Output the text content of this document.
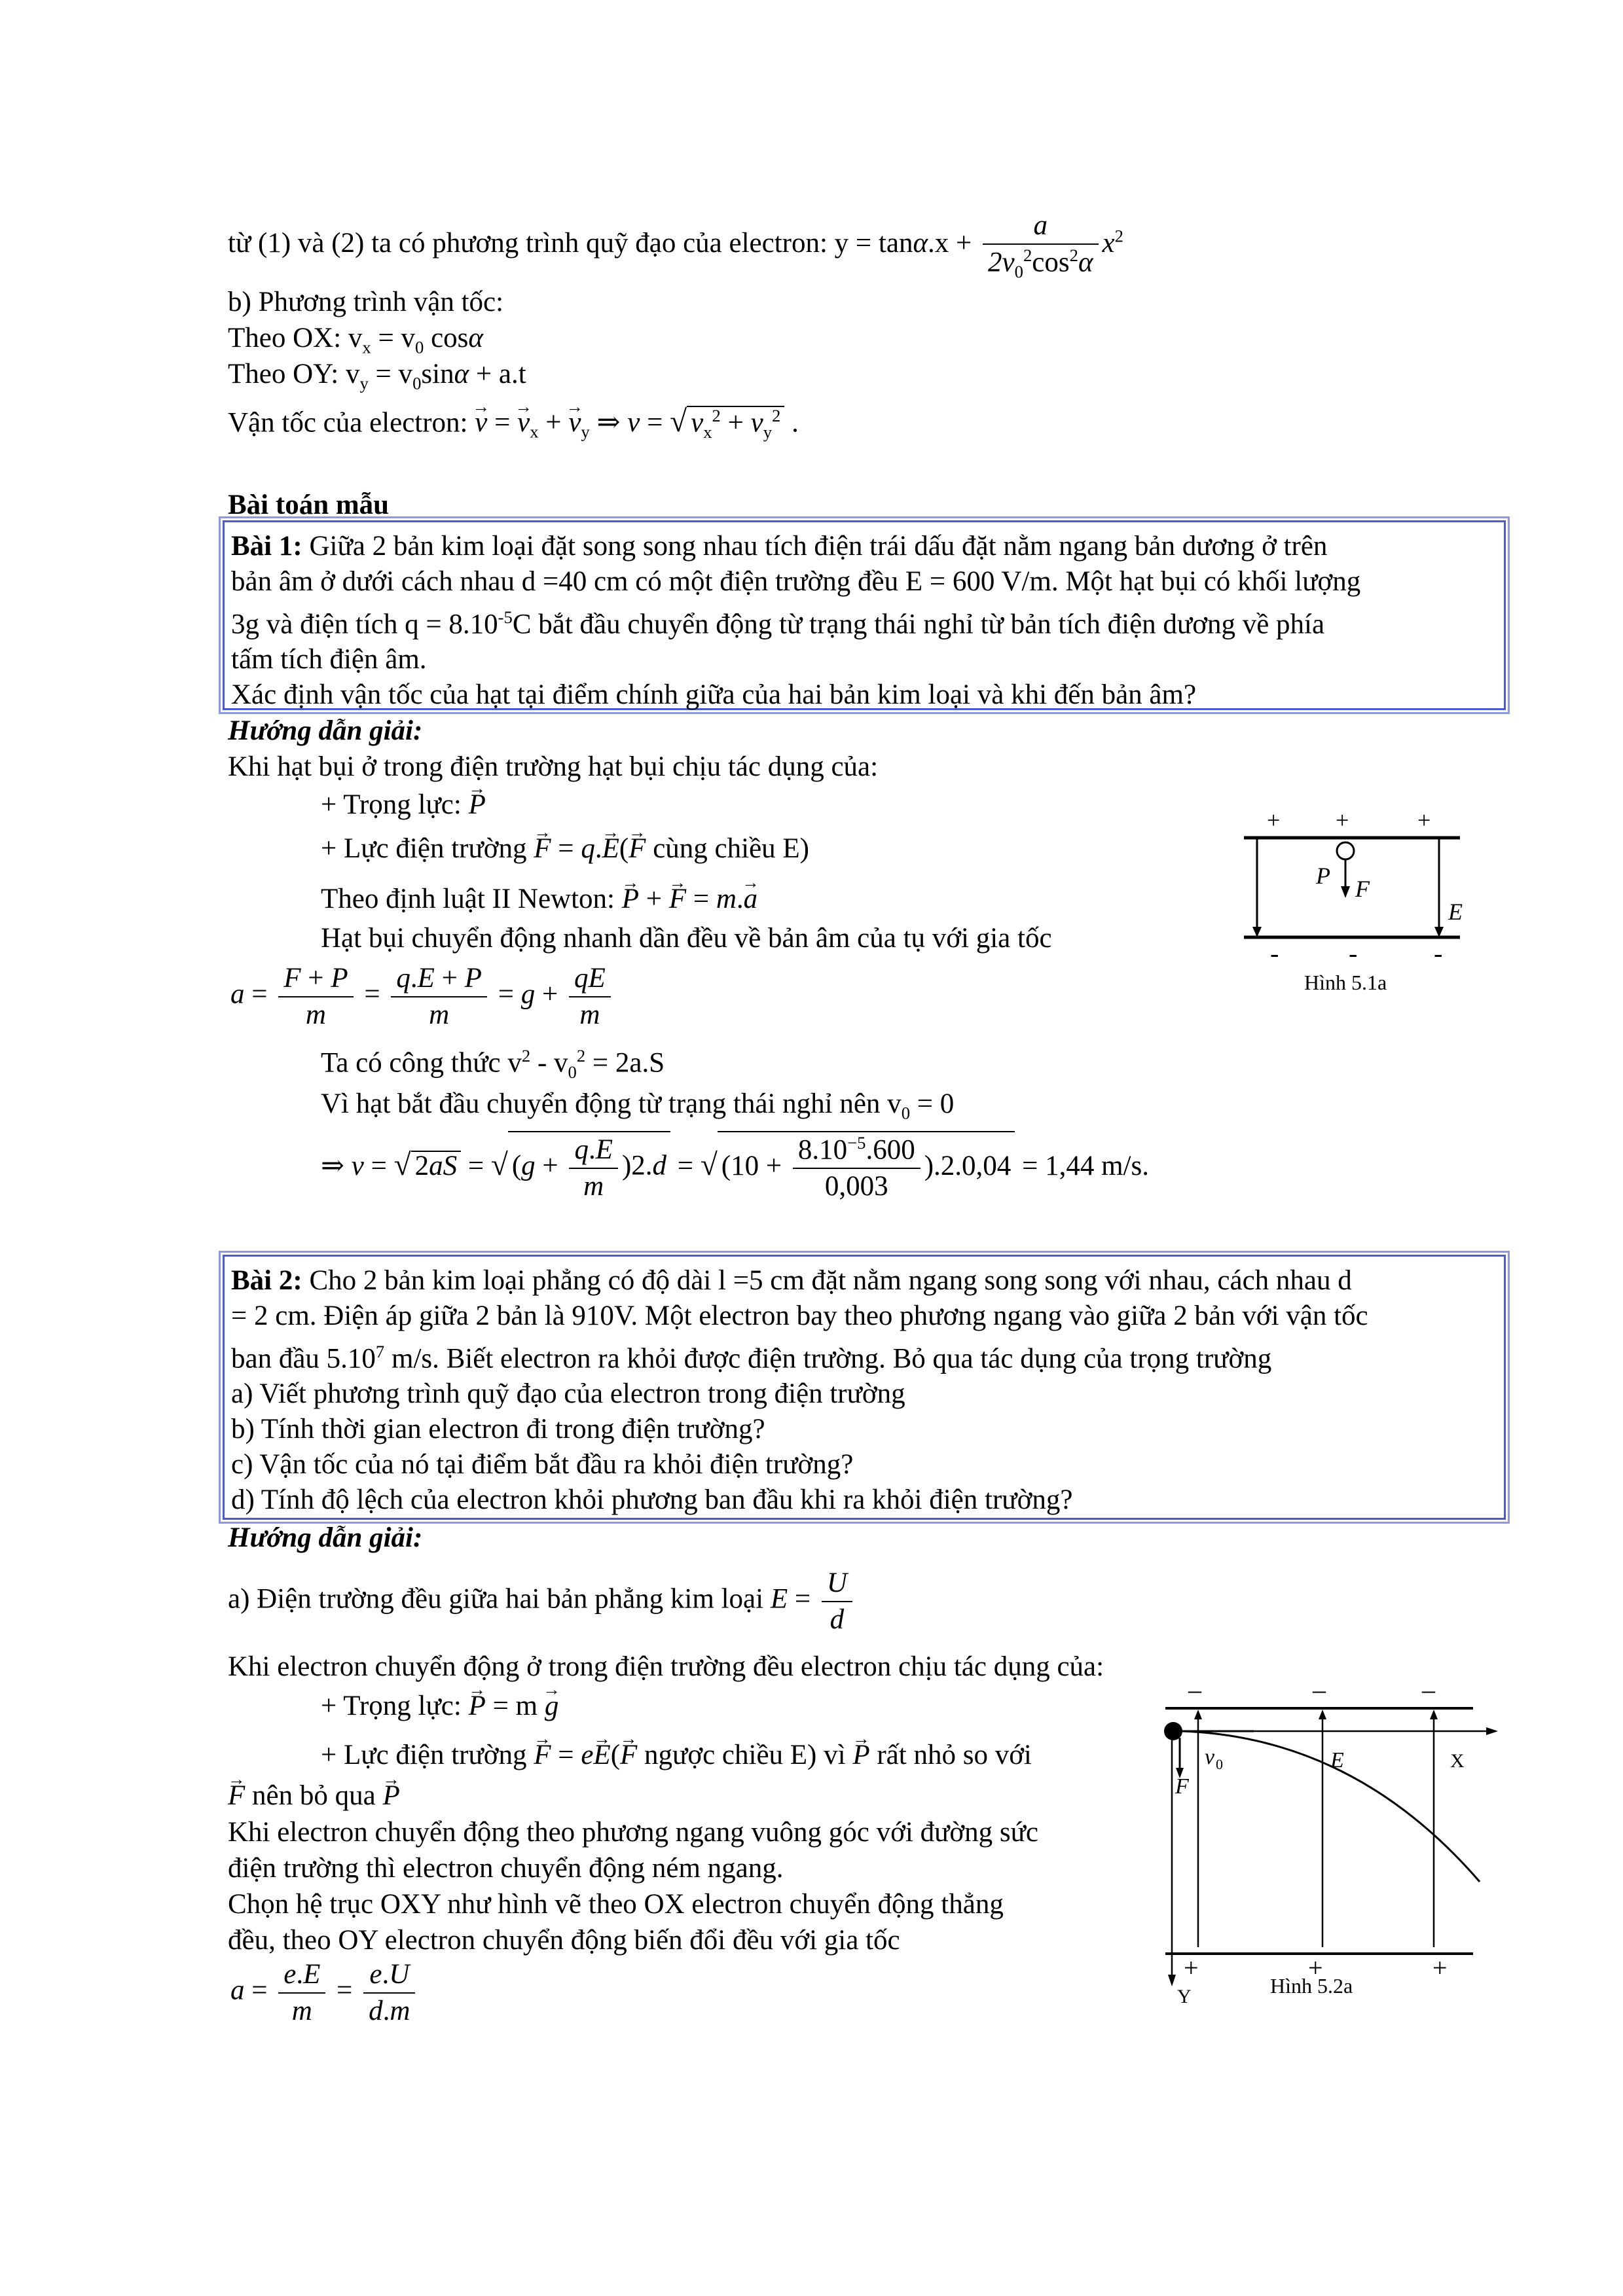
từ (1) và (2) ta có phương trình quỹ đạo của electron: $y = \tan\alpha.x + \frac{a}{2v_0^2\cos^2\alpha} x^2$
b) Phương trình vận tốc:
Theo OX: $v_x = v_0$ cosα
Theo OY: $v_y = v_0\sin\alpha + a.t$
Vận tốc của electron: → v = → $v_x$ + → $v_y$ ⇒ v = √ $v_x^2 + v_y^2$ .
Bài toán mẫu
Bài 1: Giữa 2 bản kim loại đặt song song nhau tích điện trái dấu đặt nằm ngang bản dương ở trên
bản âm ở dưới cách nhau d =40 cm có một điện trường đều E = 600 V/m. Một hạt bụi có khối lượng
3g và điện tích $q = 8.10^{-5}C$ bắt đầu chuyển động từ trạng thái nghỉ từ bản tích điện dương về phía
tấm tích điện âm.
Xác định vận tốc của hạt tại điểm chính giữa của hai bản kim loại và khi đến bản âm?
Hướng dẫn giải:
Khi hạt bụi ở trong điện trường hạt bụi chịu tác dụng của:
+ Trọng lực: → P
+ Lực điện trường → F = q.→ E(→ F cùng chiều E)
Theo định luật II Newton: → P + → F = m.→ a
Hạt bụi chuyển động nhanh dần đều về bản âm của tụ với gia tốc
$a = \frac{F + P}{m} = \frac{q.E + P}{m} = g + \frac{qE}{m}$
Ta có công thức $v^2 - v_0^2 = 2a.S$
Vì hạt bắt đầu chuyển động từ trạng thái nghỉ nên $v_0 = 0$
⇒ v = √ 2aS = √ $(g + \frac{q.E}{m} )2.d$ = √ $(10 + \frac{8.10^{-5}.600}{0,003} ).2.0,04 = 1,44$ m/s.
+ +	+
P F
E
-	-	-
Hình 5.1a
Bài 2: Cho 2 bản kim loại phẳng có độ dài l =5 cm đặt nằm ngang song song với nhau, cách nhau d
= 2 cm. Điện áp giữa 2 bản là 910V. Một electron bay theo phương ngang vào giữa 2 bản với vận tốc
ban đầu 5.10$^7$ m/s. Biết electron ra khỏi được điện trường. Bỏ qua tác dụng của trọng trường
a) Viết phương trình quỹ đạo của electron trong điện trường
b) Tính thời gian electron đi trong điện trường?
c) Vận tốc của nó tại điểm bắt đầu ra khỏi điện trường?
d) Tính độ lệch của electron khỏi phương ban đầu khi ra khỏi điện trường?
Hướng dẫn giải:
a) Điện trường đều giữa hai bản phẳng kim loại $E = \frac{U}{d}$
Khi electron chuyển động ở trong điện trường đều electron chịu tác dụng của:
+ Trọng lực: → P = m → g
+ Lực điện trường → F = e→ E(→ F ngược chiều E) vì → P rất nhỏ so với
→ F nên bỏ qua → P
Khi electron chuyển động theo phương ngang vuông góc với đường sức
điện trường thì electron chuyển động ném ngang.
Chọn hệ trục OXY như hình vẽ theo OX electron chuyển động thẳng
đều, theo OY electron chuyển động biến đổi đều với gia tốc
$a = \frac{e.E}{m} = \frac{e.U}{d.m}$
–	–	–
F
v 0	E	X
+	+	+
Hình 5.2a
Y
